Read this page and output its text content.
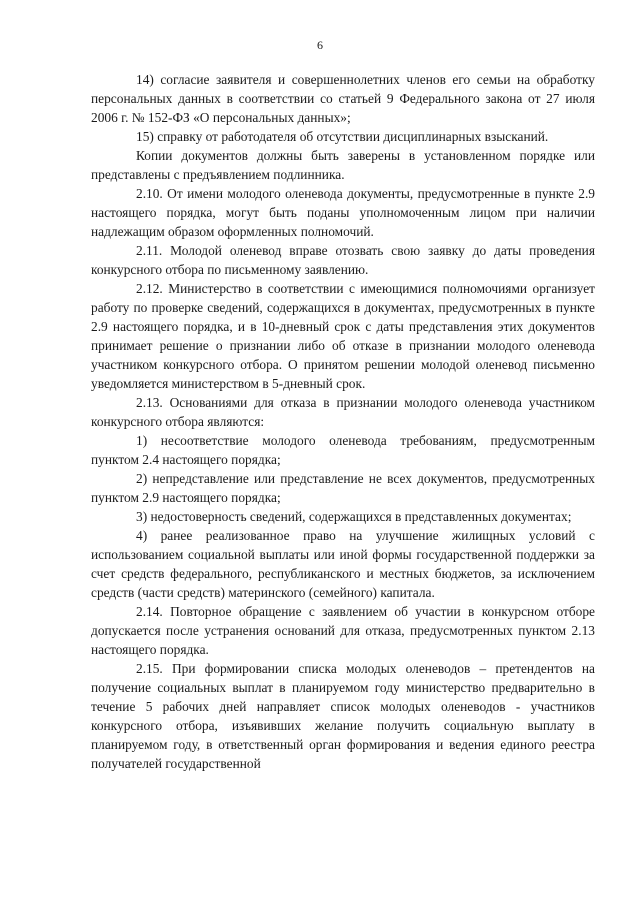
6

14) согласие заявителя и совершеннолетних членов его семьи на обработку персональных данных в соответствии со статьей 9 Федерального закона от 27 июля 2006 г. № 152-ФЗ «О персональных данных»;

15) справку от работодателя об отсутствии дисциплинарных взысканий.

Копии документов должны быть заверены в установленном порядке или представлены с предъявлением подлинника.

2.10. От имени молодого оленевода документы, предусмотренные в пункте 2.9 настоящего порядка, могут быть поданы уполномоченным лицом при наличии надлежащим образом оформленных полномочий.

2.11. Молодой оленевод вправе отозвать свою заявку до даты проведения конкурсного отбора по письменному заявлению.

2.12. Министерство в соответствии с имеющимися полномочиями организует работу по проверке сведений, содержащихся в документах, предусмотренных в пункте 2.9 настоящего порядка, и в 10-дневный срок с даты представления этих документов принимает решение о признании либо об отказе в признании молодого оленевода участником конкурсного отбора. О принятом решении молодой оленевод письменно уведомляется министерством в 5-дневный срок.

2.13. Основаниями для отказа в признании молодого оленевода участником конкурсного отбора являются:

1) несоответствие молодого оленевода требованиям, предусмотренным пунктом 2.4 настоящего порядка;

2) непредставление или представление не всех документов, предусмотренных пунктом 2.9 настоящего порядка;

3) недостоверность сведений, содержащихся в представленных документах;

4) ранее реализованное право на улучшение жилищных условий с использованием социальной выплаты или иной формы государственной поддержки за счет средств федерального, республиканского и местных бюджетов, за исключением средств (части средств) материнского (семейного) капитала.

2.14. Повторное обращение с заявлением об участии в конкурсном отборе допускается после устранения оснований для отказа, предусмотренных пунктом 2.13 настоящего порядка.

2.15. При формировании списка молодых оленеводов – претендентов на получение социальных выплат в планируемом году министерство предварительно в течение 5 рабочих дней направляет список молодых оленеводов - участников конкурсного отбора, изъявивших желание получить социальную выплату в планируемом году, в ответственный орган формирования и ведения единого реестра получателей государственной
